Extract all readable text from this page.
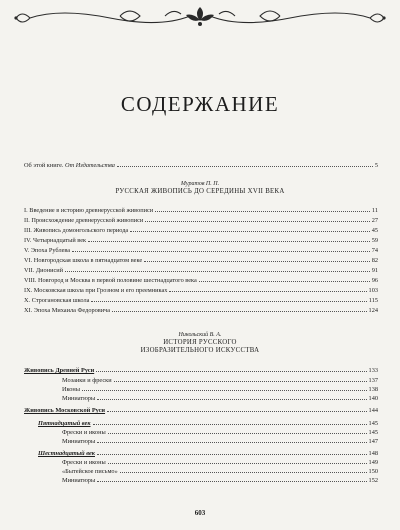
СОДЕРЖАНИЕ
Об этой книге. От Издательства	5
Муратов П. П.
РУССКАЯ ЖИВОПИСЬ ДО СЕРЕДИНЫ XVII ВЕКА
I. Введение в историю древнерусской живописи	11
II. Происхождение древнерусской живописи	27
III. Живопись домонгольского периода	45
IV. Четырнадцатый век	59
V. Эпоха Рублева	74
VI. Новгородская школа в пятнадцатом веке	82
VII. Дионисий	91
VIII. Новгород и Москва в первой половине шестнадцатого века	96
IX. Московская школа при Грозном и его преемниках	103
X. Строгановская школа	115
XI. Эпоха Михаила Федоровича	124
Никольский В. А.
ИСТОРИЯ РУССКОГО
ИЗОБРАЗИТЕЛЬНОГО ИСКУССТВА
Живопись Древней Руси	133
Мозаики и фрески	137
Иконы	138
Миниатюры	140
Живопись Московской Руси	144
Пятнадцатый век	145
Фрески и иконы	145
Миниатюры	147
Шестнадцатый век	148
Фрески и иконы	149
«Бытейское письмо»	150
Миниатюры	152
603
